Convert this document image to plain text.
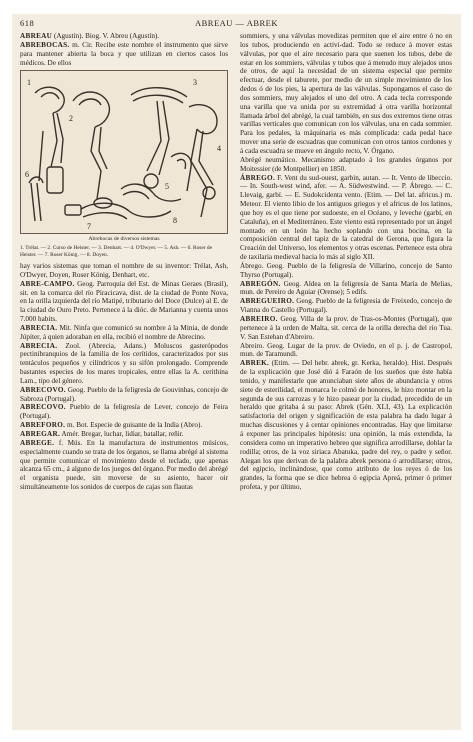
618	ABREAU — ABREK

ABREAU (Agustín). Biog. V. Abreu (Agustín).

ABREBOCAS. m. Cir. Recibe este nombre el instrumento que sirve para mantener abierta la boca y que utilizan en ciertos casos los médicos. De ellos

1
2
3
4
5
6
7
8
Abrebocas de diversos sistemas
1. Trélat. — 2. Curso de Heister. — 3. Denhart. — 4. O'Dwyer. — 5. Ash. — 6. Roser de Heister. — 7. Roser König. — 8. Doyen.

hay varios sistemas que toman el nombre de su inventor: Trélat, Ash, O'Dwyer, Doyen, Roser König, Denhart, etc.

ABRE-CAMPO. Geog. Parroquia del Est. de Minas Geraes (Brasil), sit. en la comarca del río Piracicava, dist. de la ciudad de Ponte Nova, en la orilla izquierda del río Matipé, tributario del Doce (Dulce) al E. de la ciudad de Ouro Preto. Pertenece á la dióc. de Marianna y cuenta unos 7.000 habits.

ABRECIA. Mit. Ninfa que comunicó su nombre á la Minia, de donde Júpiter, á quien adoraban en ella, recibió el nombre de Abrecino.

ABRECIA. Zool. (Abrecia, Adans.) Moluscos gasterópodos pectinibranquios de la familia de los cerítidos, caracterizados por sus tentáculos pequeños y cilíndricos y su sifón prolongado. Comprende bastantes especies de los mares tropicales, entre ellas la A. cerithina Lam., tipo del género.

ABRECOVO. Geog. Pueblo de la feligresía de Gouvinhas, concejo de Sabroza (Portugal).

ABRECOVO. Pueblo de la feligresía de Lever, concejo de Feira (Portugal).

ABREFORO. m. Bot. Especie de guisante de la India (Abro).

ABREGAR. Amér. Bregar, luchar, lidiar, batallar, reñir.

ABREGE. f. Mús. En la manufactura de instrumentos músicos, especialmente cuando se trata de los órganos, se llama abrégé al sistema que permite comunicar el movimiento desde el teclado, que apenas alcanza 65 cm., á alguno de los juegos del órgano. Por medio del abrégé el organista puede, sin moverse de su asiento, hacer oir simultáneamente los sonidos de cuerpos de cajas son flautas

sommiers, y una válvulas movedizas permiten que el aire entre ó no en los tubos, produciendo en activi-dad. Todo se reduce á mover estas válvulas, por que el aire necesario para que suenen los tubos, debe de estar en los sommiers, válvulas y tubos que á menudo muy alejados unos de otros, de aquí la necesidad de un sistema especial que permite efectuar, desde el taburete, por medio de un simple movimiento de los dedos ó de los pies, la apertura de las válvulas. Supongamos el caso de dos sommiers, muy alejados el uno del otro. A cada tecla corresponde una varilla que va unida por su extremidad á otra varilla horizontal llamada árbol del abrégé, la cual también, en sus dos extremos tiene otras varillas verticales que comunican con los válvulas, una en cada sommier. Para los pedales, la máquinaria es más complicada: cada pedal hace mover una serie de escuadras que comunican con otros tantos cordones y á cada escuadra se mueve en ángulo recto, V. Órgano.

Abrégé neumático. Mecanismo adaptado á los grandes órganos por Moitessier (de Montpellier) en 1850.

ÁBREGO. F. Vent du sud-ouest, garbin, autan. — It. Vento de libeccio. — In. South-west wind, afer. — A. Südwestwind. — P. Ábrego. — C. Llevaig, garbí. — E. Sudokcidenta vento. (Etim. — Del lat. africus.) m. Meteor. El viento libio de los antiguos griegos y el africus de los latinos, que hoy es el que tiene por sudoeste, en el Océano, y leveche (garbí, en Cataluña), en el Mediterráneo. Este viento está representado por un ángel montado en un león ha hecho soplando con una bocina, en la composición central del tapiz de la catedral de Gerona, que figura la Creación del Universo, los elementos y otras escenas. Pertenece esta obra de taxilaria medieval hacia lo más al siglo XII.

Ábrego. Geog. Pueblo de la feligresía de Villarino, concejo de Santo Thyrso (Portugal).

ABREGÓN. Geog. Aldea en la feligresía de Santa María de Melias, mun. de Pereiro de Aguiar (Orense); 5 edifs.

ABREGUEIRO. Geog. Pueblo de la feligresía de Freixedo, concejo de Vianna do Castello (Portugal).

ABREIRO. Geog. Villa de la prov. de Tras-os-Montes (Portugal), que pertenece á la orden de Malta, sit. cerca de la orilla derecha del río Tua. V. San Esteban d'Abreiro.

Abreiro. Geog. Lugar de la prov. de Oviedo, en el p. j. de Castropol, mun. de Taramundi.

ABREK. (Etim. — Del hebr. abrek, gr. Kerka, heraldo). Hist. Después de la explicación que José dió á Faraón de los sueños que éste había tenido, y manifestarle que anunciaban siete años de abundancia y otros siete de esterilidad, el monarca le colmó de honores, le hizo montar en la segunda de sus carrozas y le hizo pasear por la ciudad, precedido de un heraldo que gritaba á su paso: Abrek (Gén. XLI, 43). La explicación satisfactoria del origen y significación de esta palabra ha dado lugar á muchas discusiones y á centar opiniones encontradas. Hay que limitarse á exponer las principales hipótesis: una opinión, la más extendida, la considera como un imperativo hebreo que significa arrodillarse, doblar la rodilla; otros, de la voz siriaca Abatuka, padre del rey, o padre y señor. Alegan los que derivan de la palabra abrek persona ó arrodillarse; otros, del egipcio, inclinándose, que como atributo de los reyes ó de los grandes, la forma que se dice hebrea ó egipcia Apreá, primer ó primer profeta, y por último,
